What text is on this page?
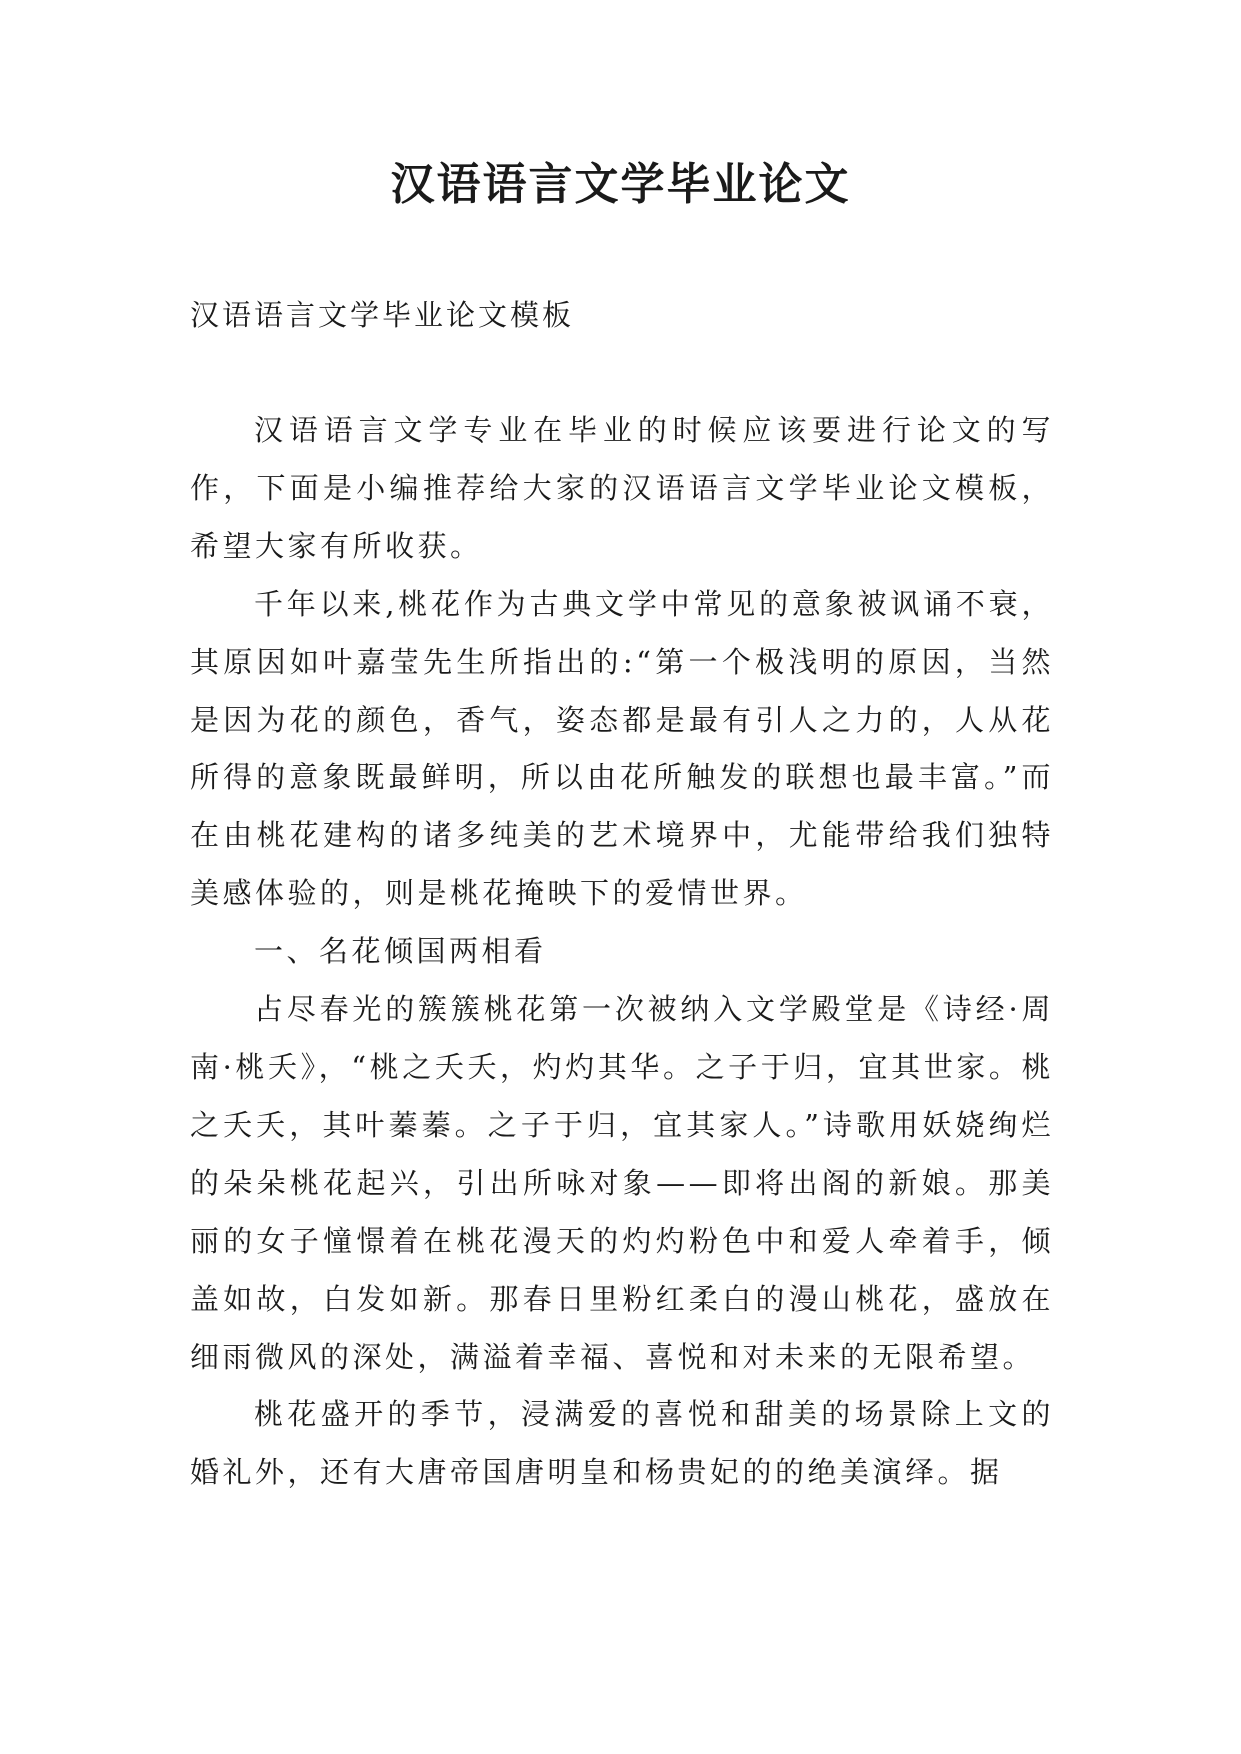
汉语语言文学毕业论文

汉语语言文学毕业论文模板

汉语语言文学专业在毕业的时候应该要进行论文的写作，下面是小编推荐给大家的汉语语言文学毕业论文模板，希望大家有所收获。

千年以来,桃花作为古典文学中常见的意象被讽诵不衰，其原因如叶嘉莹先生所指出的:“第一个极浅明的原因，当然是因为花的颜色，香气，姿态都是最有引人之力的，人从花所得的意象既最鲜明，所以由花所触发的联想也最丰富。”而在由桃花建构的诸多纯美的艺术境界中，尤能带给我们独特美感体验的，则是桃花掩映下的爱情世界。

一、名花倾国两相看

占尽春光的簇簇桃花第一次被纳入文学殿堂是《诗经·周南·桃夭》，“桃之夭夭，灼灼其华。之子于归，宜其世家。桃之夭夭，其叶蓁蓁。之子于归，宜其家人。”诗歌用妖娆绚烂的朵朵桃花起兴，引出所咏对象——即将出阁的新娘。那美丽的女子憧憬着在桃花漫天的灼灼粉色中和爱人牵着手，倾盖如故，白发如新。那春日里粉红柔白的漫山桃花，盛放在 细雨微风的深处，满溢着幸福、喜悦和对未来的无限希望。

桃花盛开的季节，浸满爱的喜悦和甜美的场景除上文的婚礼外，还有大唐帝国唐明皇和杨贵妃的的绝美演绎。据
